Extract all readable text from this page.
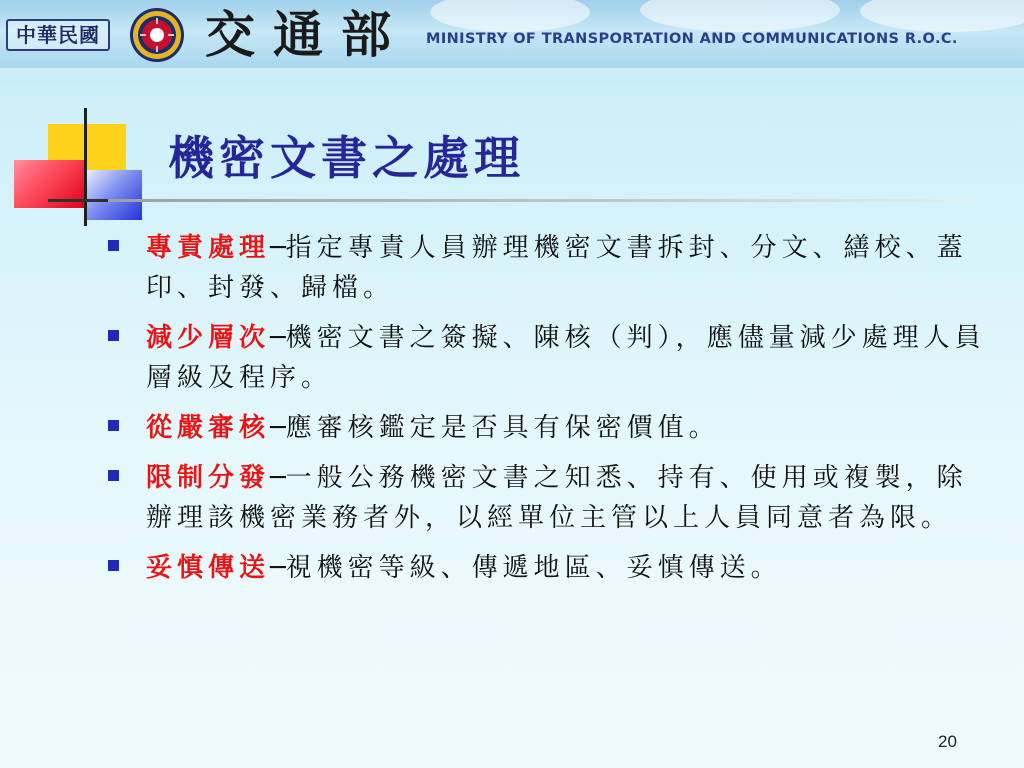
中華民國 交通部 MINISTRY OF TRANSPORTATION AND COMMUNICATIONS R.O.C.
機密文書之處理
專責處理─指定專責人員辦理機密文書拆封、分文、繕校、蓋印、封發、歸檔。
減少層次─機密文書之簽擬、陳核（判），應儘量減少處理人員層級及程序。
從嚴審核─應審核鑑定是否具有保密價值。
限制分發─一般公務機密文書之知悉、持有、使用或複製，除辦理該機密業務者外，以經單位主管以上人員同意者為限。
妥慎傳送─視機密等級、傳遞地區、妥慎傳送。
20
